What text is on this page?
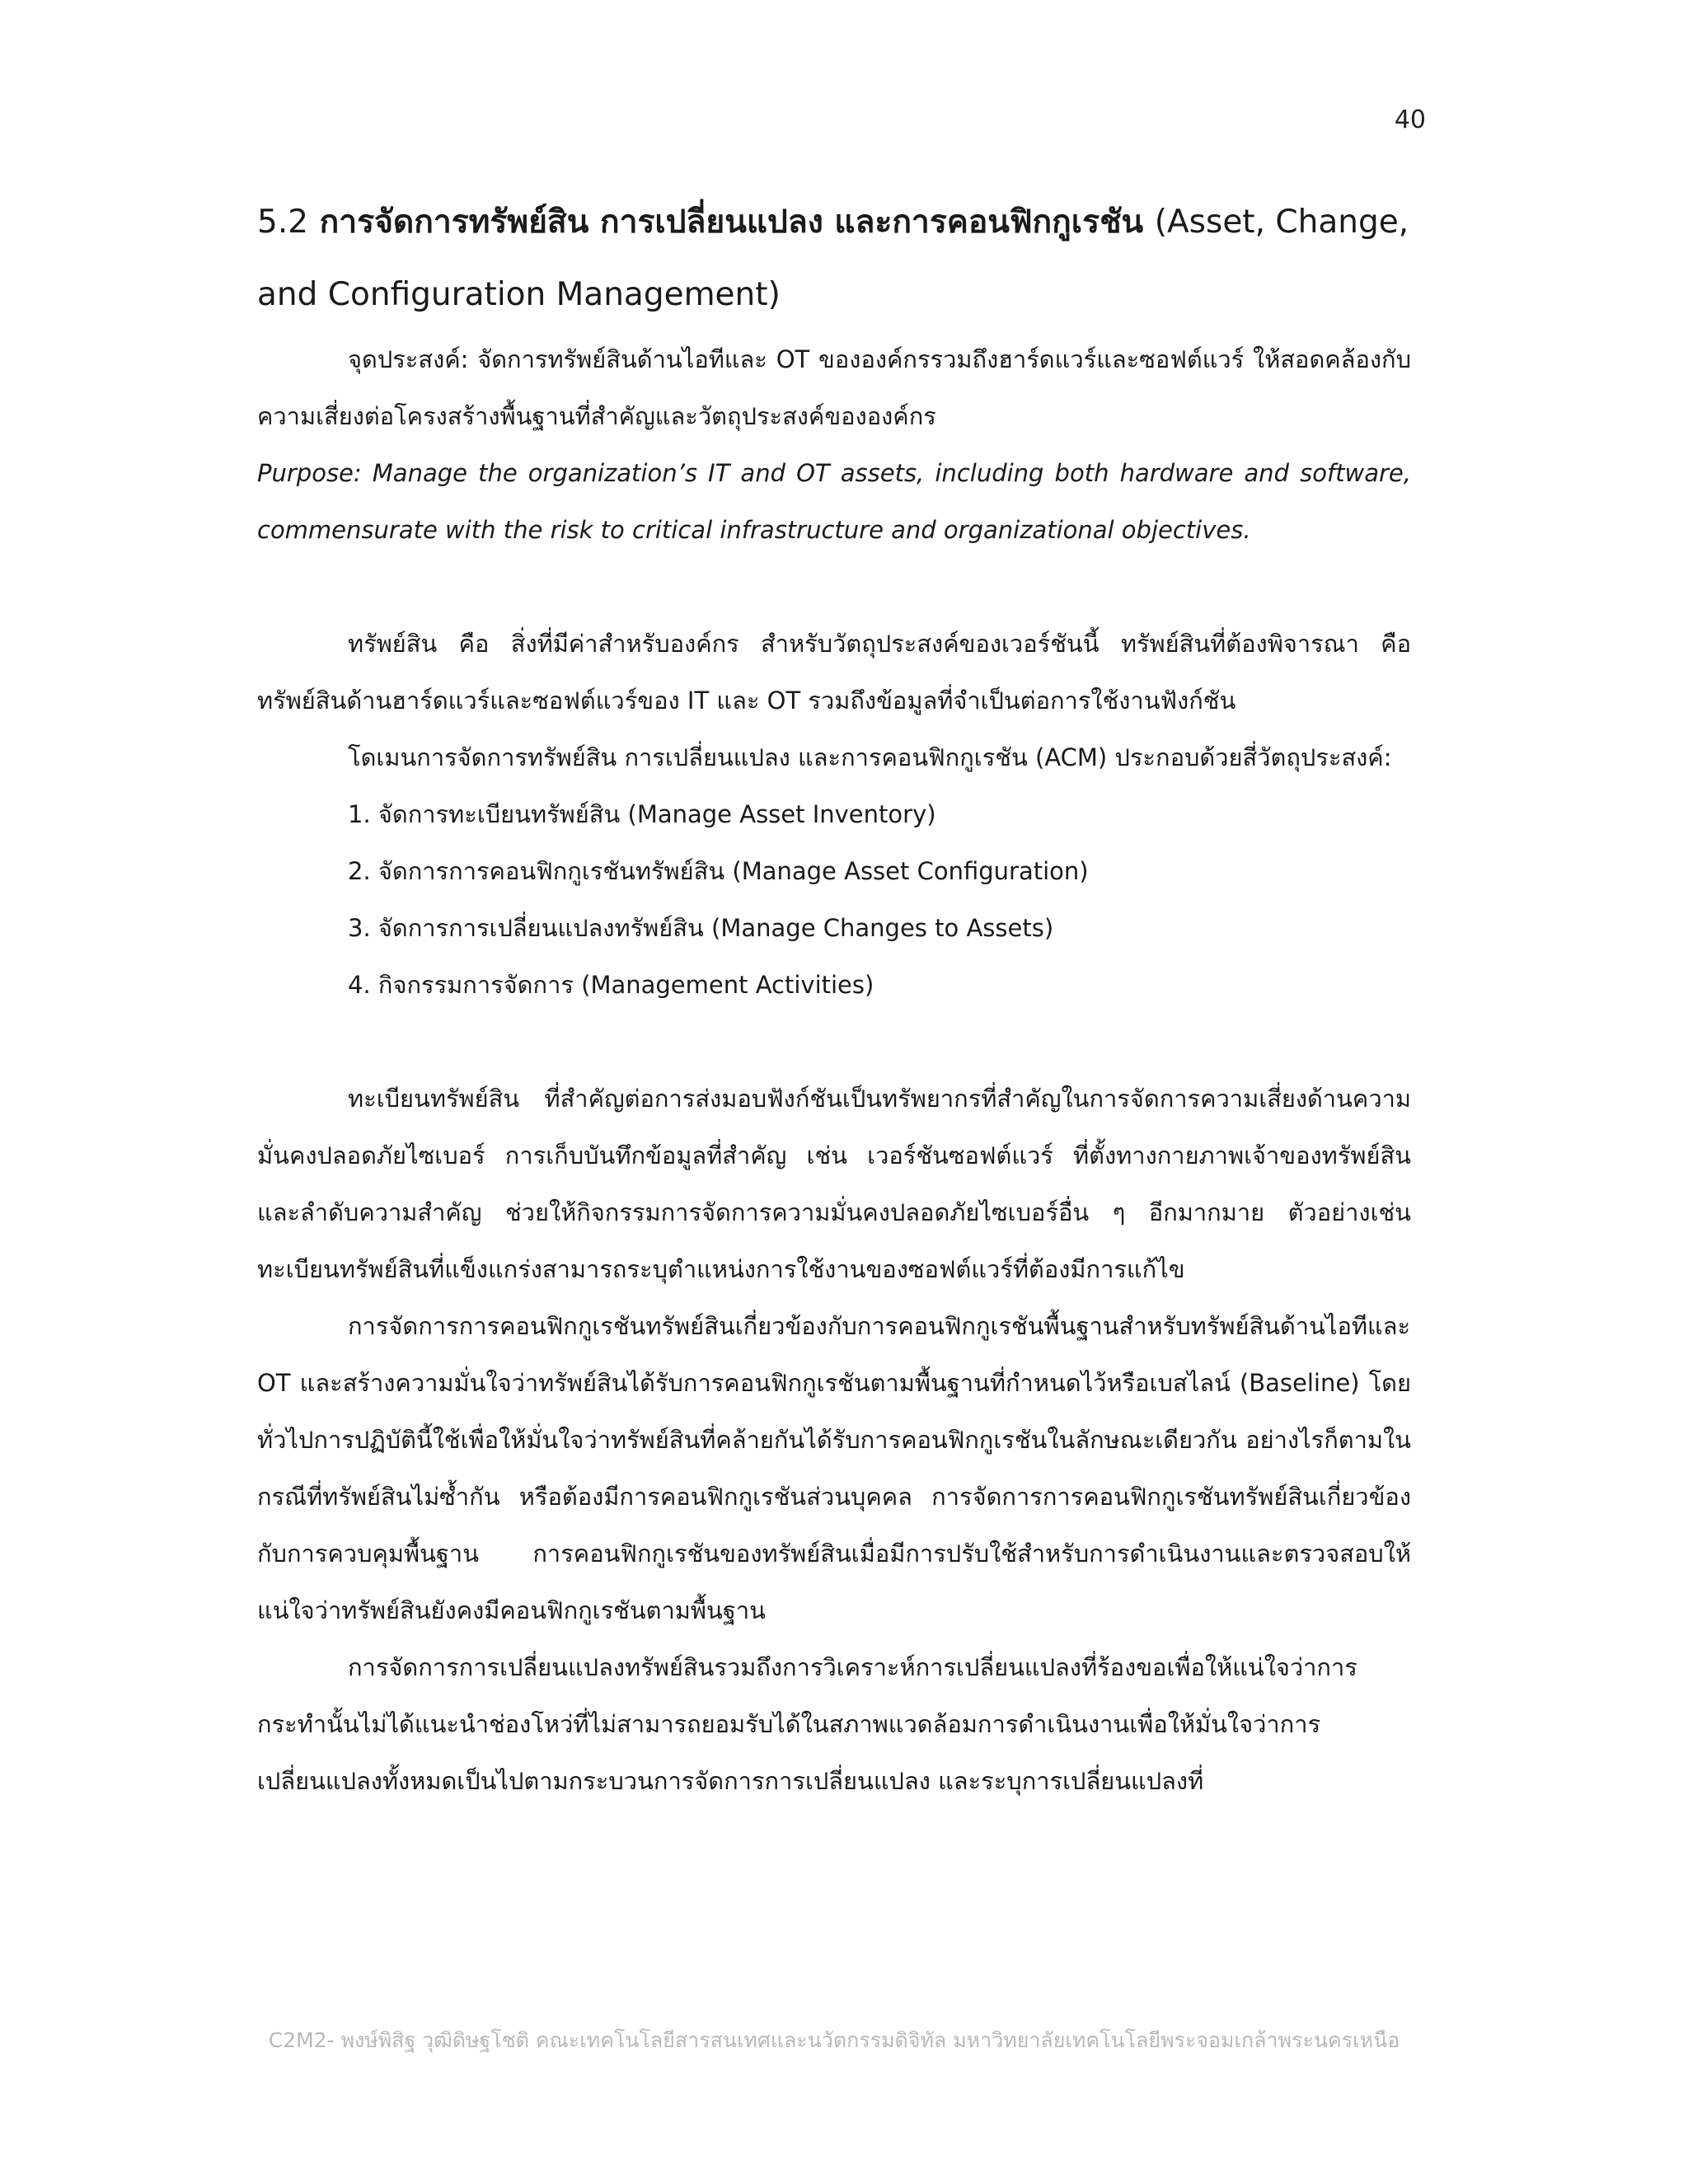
40
5.2 การจัดการทรัพย์สิน การเปลี่ยนแปลง และการคอนฟิกกูเรชัน (Asset, Change, and Configuration Management)

จุดประสงค์: จัดการทรัพย์สินด้านไอทีและ OT ขององค์กรรวมถึงฮาร์ดแวร์และซอฟต์แวร์ ให้สอดคล้องกับความเสี่ยงต่อโครงสร้างพื้นฐานที่สำคัญและวัตถุประสงค์ขององค์กร

Purpose: Manage the organization’s IT and OT assets, including both hardware and software, commensurate with the risk to critical infrastructure and organizational objectives.

ทรัพย์สิน คือ สิ่งที่มีค่าสำหรับองค์กร สำหรับวัตถุประสงค์ของเวอร์ชันนี้ ทรัพย์สินที่ต้องพิจารณา คือ ทรัพย์สินด้านฮาร์ดแวร์และซอฟต์แวร์ของ IT และ OT รวมถึงข้อมูลที่จำเป็นต่อการใช้งานฟังก์ชัน

โดเมนการจัดการทรัพย์สิน การเปลี่ยนแปลง และการคอนฟิกกูเรชัน (ACM) ประกอบด้วยสี่วัตถุประสงค์:

1. จัดการทะเบียนทรัพย์สิน (Manage Asset Inventory)
2. จัดการการคอนฟิกกูเรชันทรัพย์สิน (Manage Asset Configuration)
3. จัดการการเปลี่ยนแปลงทรัพย์สิน (Manage Changes to Assets)
4. กิจกรรมการจัดการ (Management Activities)

ทะเบียนทรัพย์สิน ที่สำคัญต่อการส่งมอบฟังก์ชันเป็นทรัพยากรที่สำคัญในการจัดการความเสี่ยงด้านความมั่นคงปลอดภัยไซเบอร์ การเก็บบันทึกข้อมูลที่สำคัญ เช่น เวอร์ชันซอฟต์แวร์ ที่ตั้งทางกายภาพเจ้าของทรัพย์สิน และลำดับความสำคัญ ช่วยให้กิจกรรมการจัดการความมั่นคงปลอดภัยไซเบอร์อื่น ๆ อีกมากมาย ตัวอย่างเช่น ทะเบียนทรัพย์สินที่แข็งแกร่งสามารถระบุตำแหน่งการใช้งานของซอฟต์แวร์ที่ต้องมีการแก้ไข

การจัดการการคอนฟิกกูเรชันทรัพย์สินเกี่ยวข้องกับการคอนฟิกกูเรชันพื้นฐานสำหรับทรัพย์สินด้านไอทีและ OT และสร้างความมั่นใจว่าทรัพย์สินได้รับการคอนฟิกกูเรชันตามพื้นฐานที่กำหนดไว้หรือเบสไลน์ (Baseline) โดยทั่วไปการปฏิบัตินี้ใช้เพื่อให้มั่นใจว่าทรัพย์สินที่คล้ายกันได้รับการคอนฟิกกูเรชันในลักษณะเดียวกัน อย่างไรก็ตามในกรณีที่ทรัพย์สินไม่ซ้ำกัน หรือต้องมีการคอนฟิกกูเรชันส่วนบุคคล การจัดการการคอนฟิกกูเรชันทรัพย์สินเกี่ยวข้องกับการควบคุมพื้นฐาน การคอนฟิกกูเรชันของทรัพย์สินเมื่อมีการปรับใช้สำหรับการดำเนินงานและตรวจสอบให้แน่ใจว่าทรัพย์สินยังคงมีคอนฟิกกูเรชันตามพื้นฐาน

การจัดการการเปลี่ยนแปลงทรัพย์สินรวมถึงการวิเคราะห์การเปลี่ยนแปลงที่ร้องขอเพื่อให้แน่ใจว่าการกระทำนั้นไม่ได้แนะนำช่องโหว่ที่ไม่สามารถยอมรับได้ในสภาพแวดล้อมการดำเนินงานเพื่อให้มั่นใจว่าการเปลี่ยนแปลงทั้งหมดเป็นไปตามกระบวนการจัดการการเปลี่ยนแปลง และระบุการเปลี่ยนแปลงที่

C2M2- พงษ์พิสิฐ วุฒิดิษฐโชติ คณะเทคโนโลยีสารสนเทศและนวัตกรรมดิจิทัล มหาวิทยาลัยเทคโนโลยีพระจอมเกล้าพระนครเหนือ
